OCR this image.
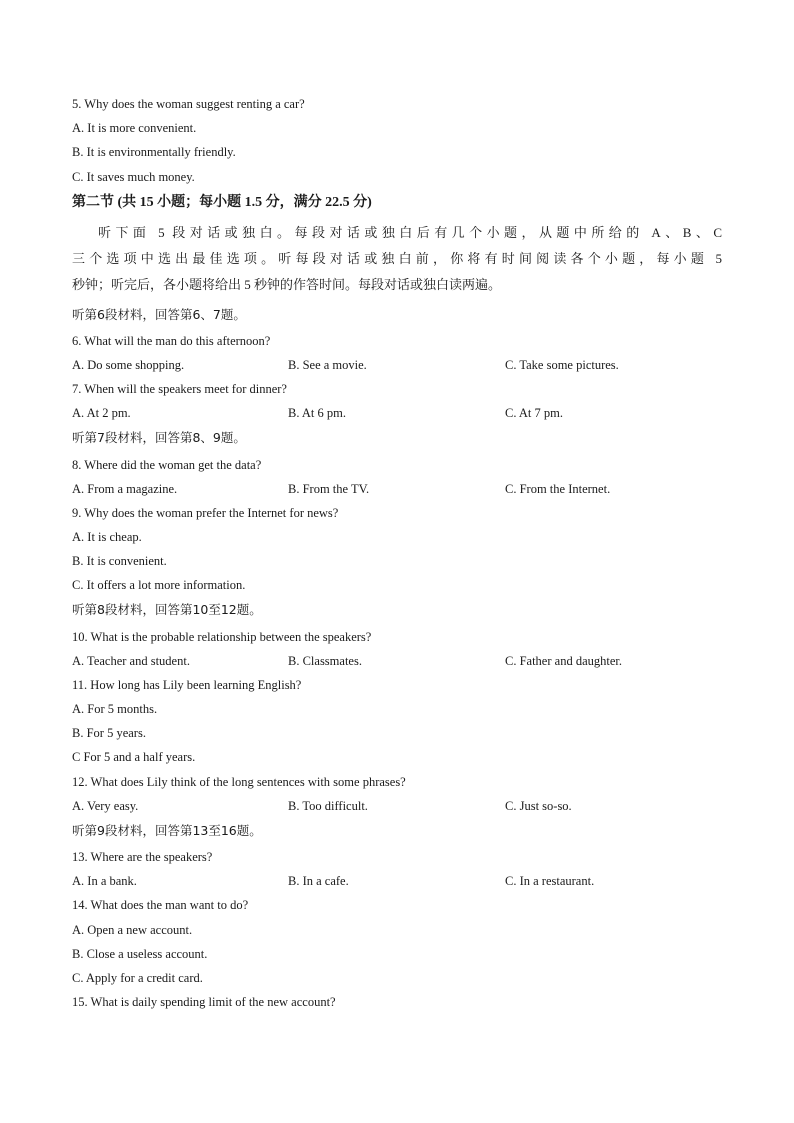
5. Why does the woman suggest renting a car?
A. It is more convenient.
B. It is environmentally friendly.
C. It saves much money.
第二节 (共 15 小题；每小题 1.5 分，满分 22.5 分)
听下面 5 段对话或独白。每段对话或独白后有几个小题，从题中所给的 A、B、C
三个选项中选出最佳选项。听每段对话或独白前，你将有时间阅读各个小题，每小题 5
秒钟；听完后，各小题将给出 5 秒钟的作答时间。每段对话或独白读两遍。
听第6段材料，回答第6、7题。
6. What will the man do this afternoon?
A. Do some shopping.	B. See a movie.	C. Take some pictures.
7. When will the speakers meet for dinner?
A. At 2 pm.	B. At 6 pm.	C. At 7 pm.
听第7段材料，回答第8、9题。
8. Where did the woman get the data?
A. From a magazine.	B. From the TV.	C. From the Internet.
9. Why does the woman prefer the Internet for news?
A. It is cheap.
B. It is convenient.
C. It offers a lot more information.
听第8段材料，回答第10至12题。
10. What is the probable relationship between the speakers?
A. Teacher and student.	B. Classmates.	C. Father and daughter.
11. How long has Lily been learning English?
A. For 5 months.
B. For 5 years.
C For 5 and a half years.
12. What does Lily think of the long sentences with some phrases?
A. Very easy.	B. Too difficult.	C. Just so-so.
听第9段材料，回答第13至16题。
13. Where are the speakers?
A. In a bank.	B. In a cafe.	C. In a restaurant.
14. What does the man want to do?
A. Open a new account.
B. Close a useless account.
C. Apply for a credit card.
15. What is daily spending limit of the new account?
